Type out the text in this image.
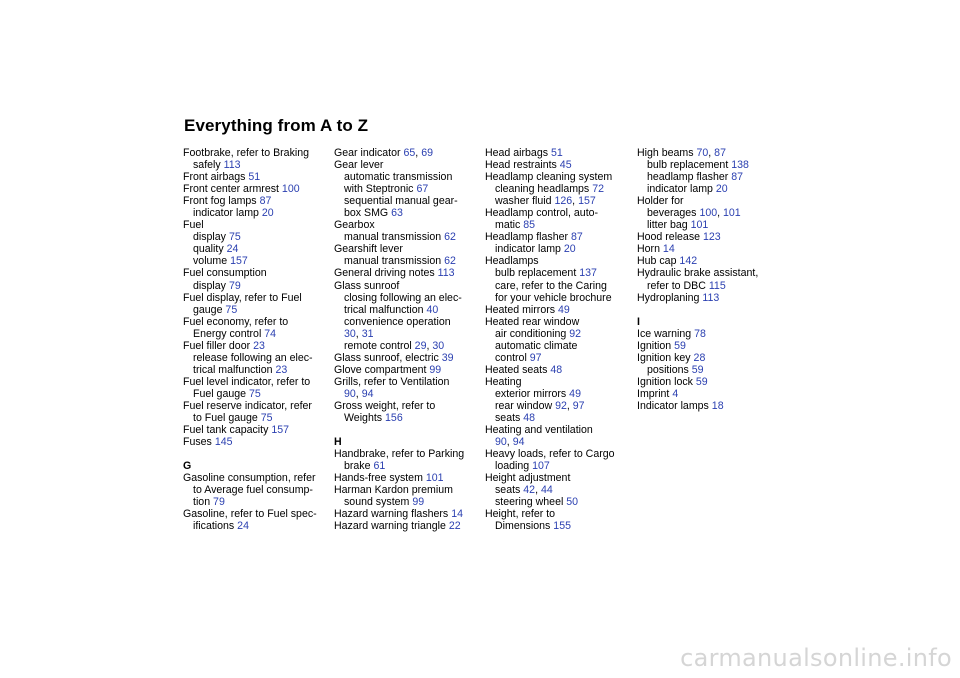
Everything from A to Z
Footbrake, refer to Braking
safely 113
Front airbags 51
Front center armrest 100
Front fog lamps 87
indicator lamp 20
Fuel
display 75
quality 24
volume 157
Fuel consumption
display 79
Fuel display, refer to Fuel
gauge 75
Fuel economy, refer to
Energy control 74
Fuel filler door 23
release following an elec-
trical malfunction 23
Fuel level indicator, refer to
Fuel gauge 75
Fuel reserve indicator, refer
to Fuel gauge 75
Fuel tank capacity 157
Fuses 145
G
Gasoline consumption, refer
to Average fuel consump-
tion 79
Gasoline, refer to Fuel spec-
ifications 24
Gear indicator 65, 69
Gear lever
automatic transmission
with Steptronic 67
sequential manual gear-
box SMG 63
Gearbox
manual transmission 62
Gearshift lever
manual transmission 62
General driving notes 113
Glass sunroof
closing following an elec-
trical malfunction 40
convenience operation
30, 31
remote control 29, 30
Glass sunroof, electric 39
Glove compartment 99
Grills, refer to Ventilation
90, 94
Gross weight, refer to
Weights 156
H
Handbrake, refer to Parking
brake 61
Hands-free system 101
Harman Kardon premium
sound system 99
Hazard warning flashers 14
Hazard warning triangle 22
Head airbags 51
Head restraints 45
Headlamp cleaning system
cleaning headlamps 72
washer fluid 126, 157
Headlamp control, auto-
matic 85
Headlamp flasher 87
indicator lamp 20
Headlamps
bulb replacement 137
care, refer to the Caring
for your vehicle brochure
Heated mirrors 49
Heated rear window
air conditioning 92
automatic climate
control 97
Heated seats 48
Heating
exterior mirrors 49
rear window 92, 97
seats 48
Heating and ventilation
90, 94
Heavy loads, refer to Cargo
loading 107
Height adjustment
seats 42, 44
steering wheel 50
Height, refer to
Dimensions 155
High beams 70, 87
bulb replacement 138
headlamp flasher 87
indicator lamp 20
Holder for
beverages 100, 101
litter bag 101
Hood release 123
Horn 14
Hub cap 142
Hydraulic brake assistant,
refer to DBC 115
Hydroplaning 113
I
Ice warning 78
Ignition 59
Ignition key 28
positions 59
Ignition lock 59
Imprint 4
Indicator lamps 18
carmanualsonline.info
